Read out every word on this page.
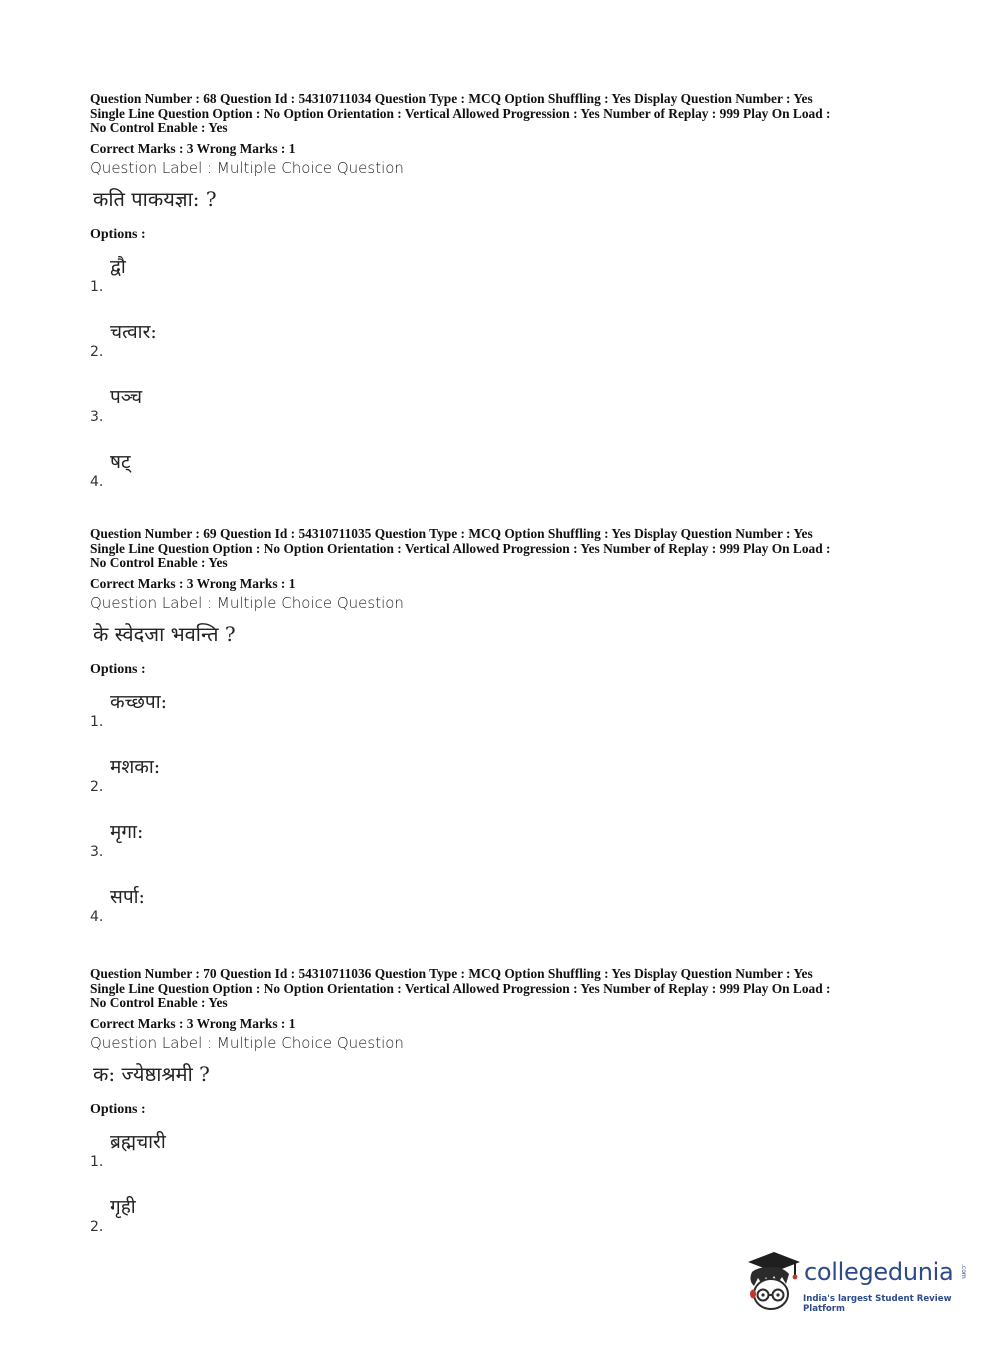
Question Number : 68 Question Id : 54310711034 Question Type : MCQ Option Shuffling : Yes Display Question Number : Yes
Single Line Question Option : No Option Orientation : Vertical Allowed Progression : Yes Number of Replay : 999 Play On Load :
No Control Enable : Yes
Correct Marks : 3 Wrong Marks : 1
Question Label : Multiple Choice Question
कति पाकयज्ञा: ?
Options :
1.
द्वौ
2.
चत्वार:
3.
पञ्च
4.
षट्
Question Number : 69 Question Id : 54310711035 Question Type : MCQ Option Shuffling : Yes Display Question Number : Yes
Single Line Question Option : No Option Orientation : Vertical Allowed Progression : Yes Number of Replay : 999 Play On Load :
No Control Enable : Yes
Correct Marks : 3 Wrong Marks : 1
Question Label : Multiple Choice Question
के स्वेदजा भवन्ति ?
Options :
1.
कच्छपा:
2.
मशका:
3.
मृगा:
4.
सर्पा:
Question Number : 70 Question Id : 54310711036 Question Type : MCQ Option Shuffling : Yes Display Question Number : Yes
Single Line Question Option : No Option Orientation : Vertical Allowed Progression : Yes Number of Replay : 999 Play On Load :
No Control Enable : Yes
Correct Marks : 3 Wrong Marks : 1
Question Label : Multiple Choice Question
क: ज्येष्ठाश्रमी ?
Options :
1.
ब्रह्मचारी
2.
गृही
collegedunia .com
India's largest Student Review Platform
